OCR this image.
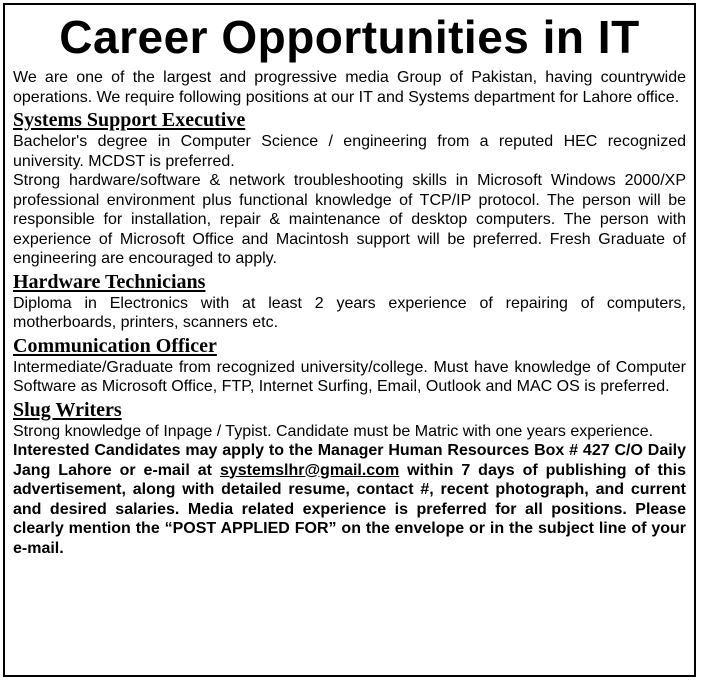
Career Opportunities in IT

We are one of the largest and progressive media Group of Pakistan, having countrywide operations. We require following positions at our IT and Systems department for Lahore office.

Systems Support Executive

Bachelor's degree in Computer Science / engineering from a reputed HEC recognized university. MCDST is preferred.

Strong hardware/software & network troubleshooting skills in Microsoft Windows 2000/XP professional environment plus functional knowledge of TCP/IP protocol. The person will be responsible for installation, repair & maintenance of desktop computers. The person with experience of Microsoft Office and Macintosh support will be preferred. Fresh Graduate of engineering are encouraged to apply.

Hardware Technicians

Diploma in Electronics with at least 2 years experience of repairing of computers, motherboards, printers, scanners etc.

Communication Officer

Intermediate/Graduate from recognized university/college. Must have knowledge of Computer Software as Microsoft Office, FTP, Internet Surfing, Email, Outlook and MAC OS is preferred.

Slug Writers

Strong knowledge of Inpage / Typist. Candidate must be Matric with one years experience.

Interested Candidates may apply to the Manager Human Resources Box # 427 C/O Daily Jang Lahore or e-mail at systemslhr@gmail.com within 7 days of publishing of this advertisement, along with detailed resume, contact #, recent photograph, and current and desired salaries. Media related experience is preferred for all positions. Please clearly mention the “POST APPLIED FOR” on the envelope or in the subject line of your e-mail.
